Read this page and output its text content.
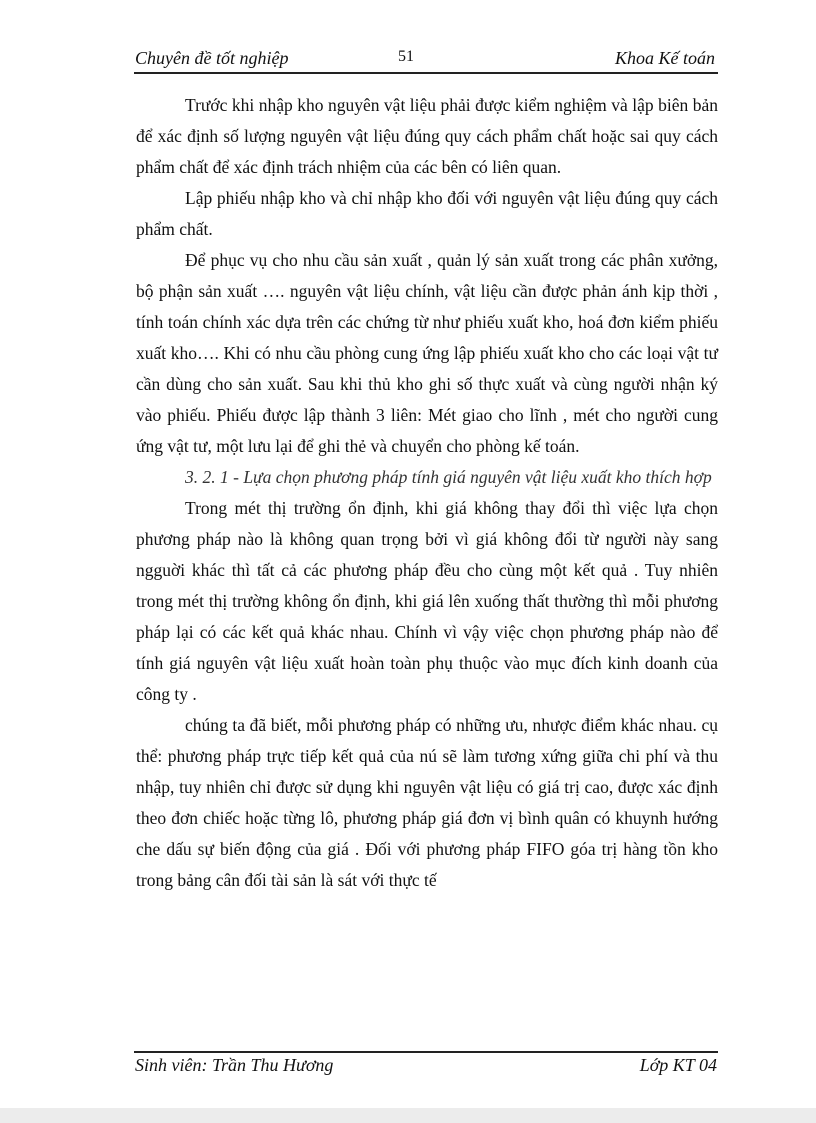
Chuyên đề tốt nghiệp	51	Khoa Kế toán

Trước khi nhập kho nguyên vật liệu phải được kiểm nghiệm và lập biên bản để xác định số lượng nguyên vật liệu đúng quy cách phẩm chất hoặc sai quy cách phẩm chất để xác định trách nhiệm của các bên có liên quan.

Lập phiếu nhập kho và chỉ nhập kho đối với nguyên vật liệu đúng quy cách phẩm chất.

Để phục vụ cho nhu cầu sản xuất , quản lý sản xuất trong các phân xưởng, bộ phận sản xuất …. nguyên vật liệu chính, vật liệu cần được phản ánh kịp thời , tính toán chính xác dựa trên các chứng từ như phiếu xuất kho, hoá đơn kiểm phiếu xuất kho…. Khi có nhu cầu phòng cung ứng lập phiếu xuất kho cho các loại vật tư cần dùng cho sản xuất. Sau khi thủ kho ghi số thực xuất và cùng người nhận ký vào phiếu. Phiếu được lập thành 3 liên: Mét giao cho lĩnh , mét cho người cung ứng vật tư, một lưu lại để ghi thẻ và chuyển cho phòng kế toán.

3. 2. 1 - Lựa chọn phương pháp tính giá nguyên vật liệu xuất kho thích hợp

Trong mét thị trường ổn định, khi giá không thay đổi thì việc lựa chọn phương pháp nào là không quan trọng bởi vì giá không đổi từ người này sang ngguời khác thì tất cả các phương pháp đều cho cùng một kết quả . Tuy nhiên trong mét thị trường không ổn định, khi giá lên xuống thất thường thì mỗi phương pháp lại có các kết quả khác nhau. Chính vì vậy việc chọn phương pháp nào để tính giá nguyên vật liệu xuất hoàn toàn phụ thuộc vào mục đích kinh doanh của công ty .

chúng ta đã biết, mỗi phương pháp có những ưu, nhược điểm khác nhau. cụ thể: phương pháp trực tiếp kết quả của nú sẽ làm tương xứng giữa chi phí và thu nhập, tuy nhiên chỉ được sử dụng khi nguyên vật liệu có giá trị cao, được xác định theo đơn chiếc hoặc từng lô, phương pháp giá đơn vị bình quân có khuynh hướng che dấu sự biến động của giá . Đối với phương pháp FIFO góa trị hàng tồn kho trong bảng cân đối tài sản là sát với thực tế

Sinh viên: Trần Thu Hương	Lớp KT 04
